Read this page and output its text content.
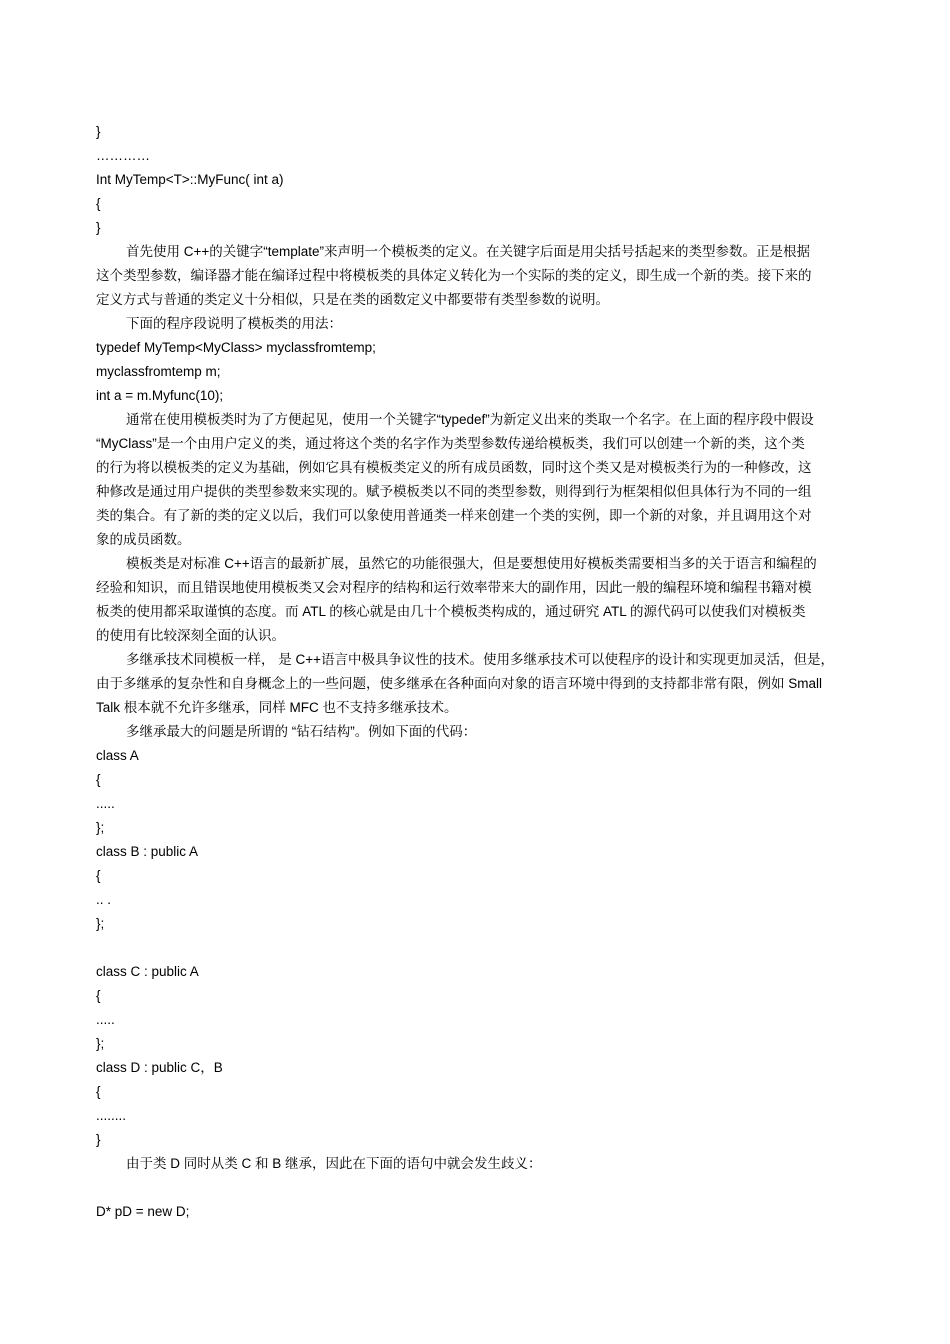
}
…………
Int MyTemp<T>::MyFunc( int a)
{
}
首先使用 C++的关键字“template”来声明一个模板类的定义。在关键字后面是用尖括号括起来的类型参数。正是根据
这个类型参数，编译器才能在编译过程中将模板类的具体定义转化为一个实际的类的定义，即生成一个新的类。接下来的
定义方式与普通的类定义十分相似，只是在类的函数定义中都要带有类型参数的说明。
下面的程序段说明了模板类的用法：
typedef MyTemp<MyClass> myclassfromtemp;
myclassfromtemp m;
int a = m.Myfunc(10);
通常在使用模板类时为了方便起见，使用一个关键字“typedef”为新定义出来的类取一个名字。在上面的程序段中假设
“MyClass”是一个由用户定义的类，通过将这个类的名字作为类型参数传递给模板类，我们可以创建一个新的类，这个类
的行为将以模板类的定义为基础，例如它具有模板类定义的所有成员函数，同时这个类又是对模板类行为的一种修改，这
种修改是通过用户提供的类型参数来实现的。赋予模板类以不同的类型参数，则得到行为框架相似但具体行为不同的一组
类的集合。有了新的类的定义以后，我们可以象使用普通类一样来创建一个类的实例，即一个新的对象，并且调用这个对
象的成员函数。
模板类是对标准 C++语言的最新扩展，虽然它的功能很强大，但是要想使用好模板类需要相当多的关于语言和编程的
经验和知识，而且错误地使用模板类又会对程序的结构和运行效率带来大的副作用，因此一般的编程环境和编程书籍对模
板类的使用都采取谨慎的态度。而 ATL 的核心就是由几十个模板类构成的，通过研究 ATL 的源代码可以使我们对模板类
的使用有比较深刻全面的认识。
多继承技术同模板一样， 是 C++语言中极具争议性的技术。使用多继承技术可以使程序的设计和实现更加灵活，但是，
由于多继承的复杂性和自身概念上的一些问题，使多继承在各种面向对象的语言环境中得到的支持都非常有限，例如 Small
Talk 根本就不允许多继承，同样 MFC 也不支持多继承技术。
多继承最大的问题是所谓的 “钻石结构”。例如下面的代码：
class A
{
.....
};
class B : public A
{
.. .
};
class C : public A
{
.....
};
class D : public C，B
{
........
}
由于类 D 同时从类 C 和 B 继承，因此在下面的语句中就会发生歧义：
D* pD = new D;
